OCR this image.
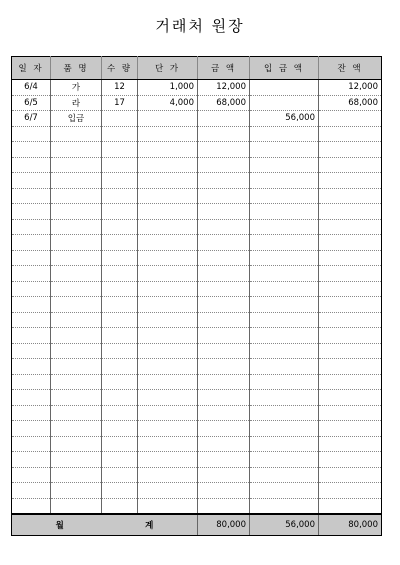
거래처 원장
일 자	품 명	수 량	단 가	금 액	입 금 액	잔 액
6/4	가	12	1,000	12,000		12,000
6/5	라	17	4,000	68,000		68,000
6/7	입금				56,000	

월 계				80,000	56,000	80,000
